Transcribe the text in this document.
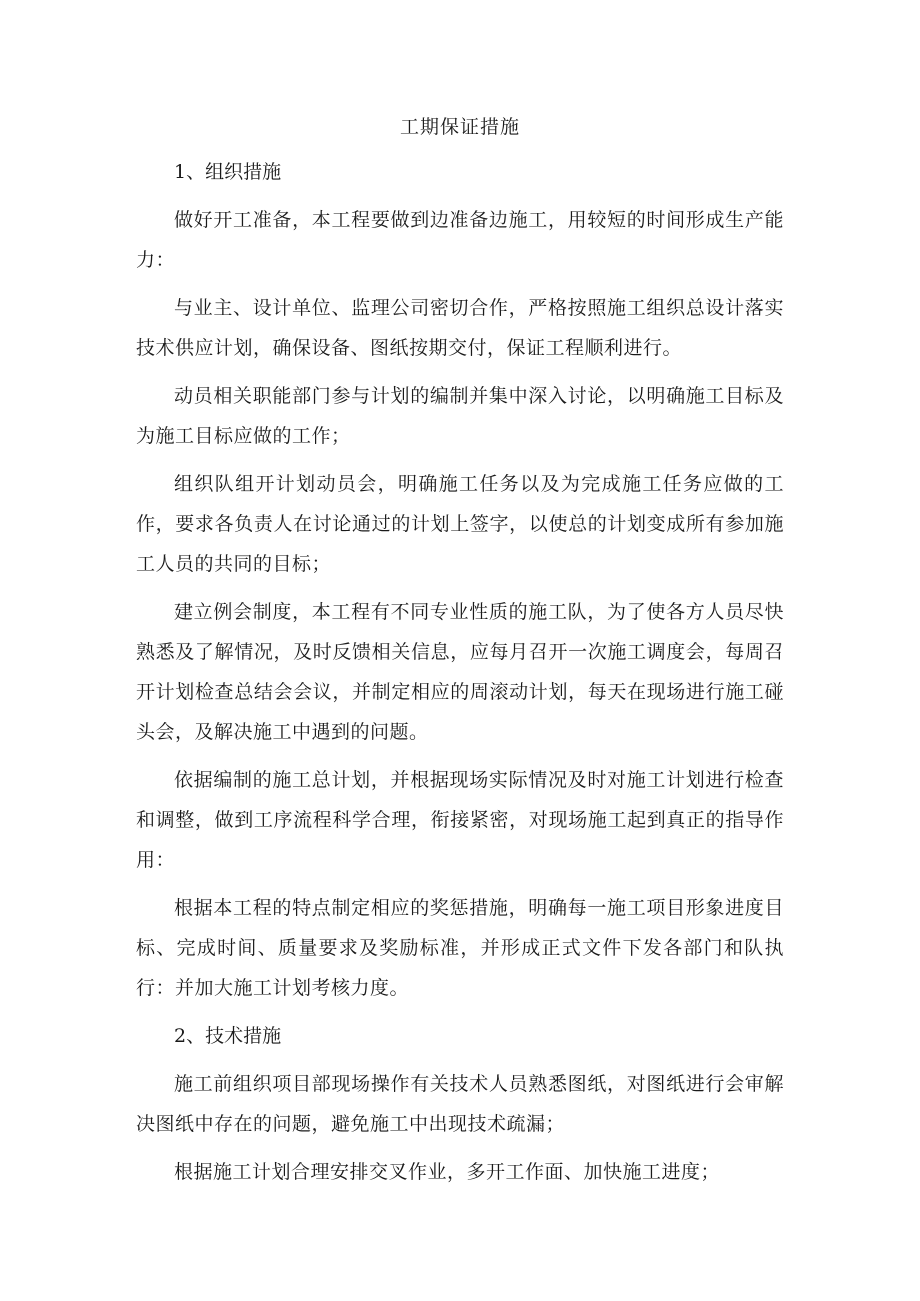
工期保证措施

1、组织措施

做好开工准备，本工程要做到边准备边施工，用较短的时间形成生产能力：

与业主、设计单位、监理公司密切合作，严格按照施工组织总设计落实技术供应计划，确保设备、图纸按期交付，保证工程顺利进行。

动员相关职能部门参与计划的编制并集中深入讨论，以明确施工目标及为施工目标应做的工作；

组织队组开计划动员会，明确施工任务以及为完成施工任务应做的工作，要求各负责人在讨论通过的计划上签字，以使总的计划变成所有参加施工人员的共同的目标；

建立例会制度，本工程有不同专业性质的施工队，为了使各方人员尽快熟悉及了解情况，及时反馈相关信息，应每月召开一次施工调度会，每周召开计划检查总结会会议，并制定相应的周滚动计划，每天在现场进行施工碰头会，及解决施工中遇到的问题。

依据编制的施工总计划，并根据现场实际情况及时对施工计划进行检查和调整，做到工序流程科学合理，衔接紧密，对现场施工起到真正的指导作用：

根据本工程的特点制定相应的奖惩措施，明确每一施工项目形象进度目标、完成时间、质量要求及奖励标准，并形成正式文件下发各部门和队执行：并加大施工计划考核力度。

2、技术措施

施工前组织项目部现场操作有关技术人员熟悉图纸，对图纸进行会审解决图纸中存在的问题，避免施工中出现技术疏漏；

根据施工计划合理安排交叉作业，多开工作面、加快施工进度；
